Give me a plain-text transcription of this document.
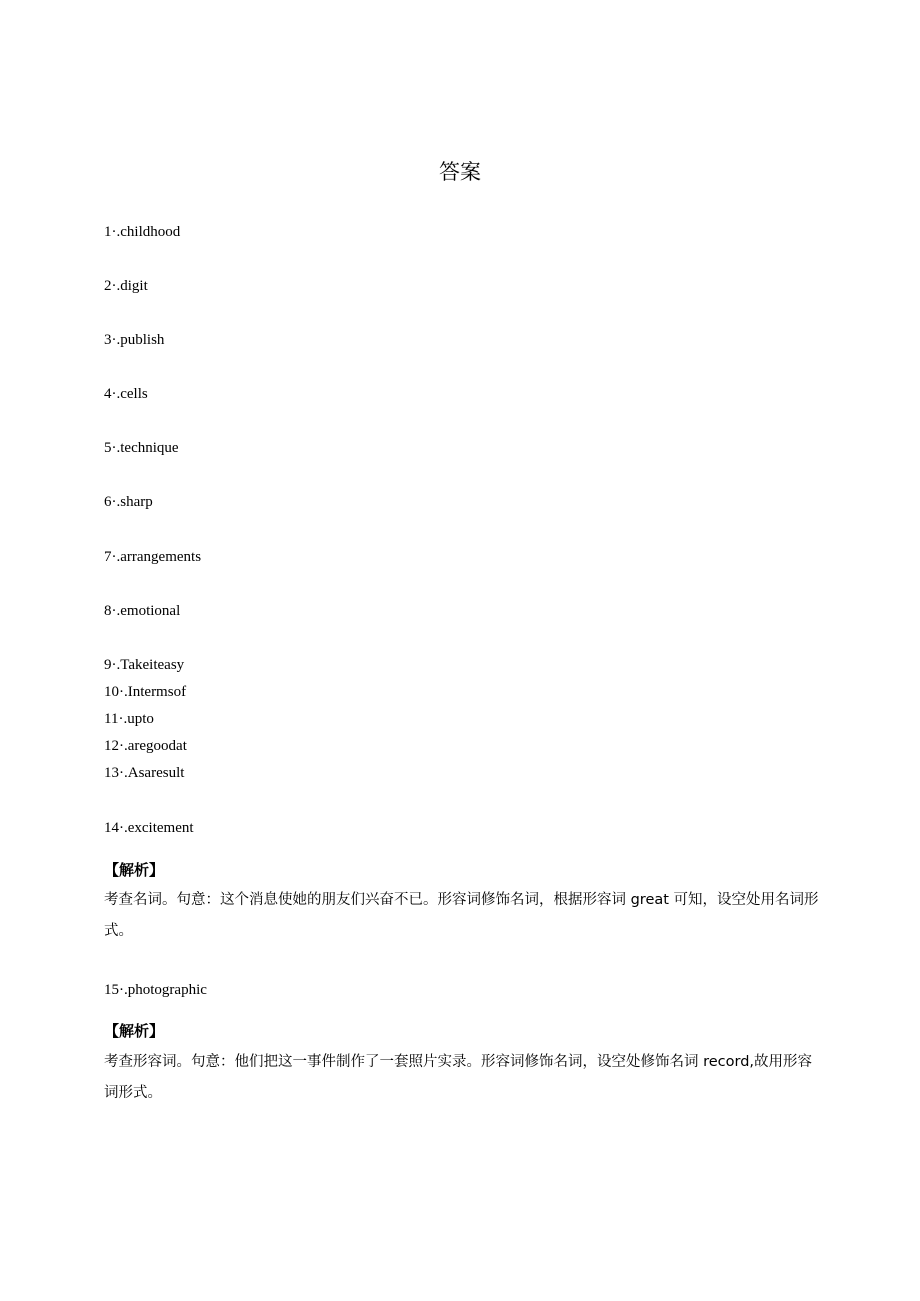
答案
1·.childhood
2·.digit
3·.publish
4·.cells
5·.technique
6·.sharp
7·.arrangements
8·.emotional
9·.Takeiteasy
10·.Intermsof
11·.upto
12·.aregoodat
13·.Asaresult
14·.excitement
【解析】
考查名词。句意：这个消息使她的朋友们兴奋不已。形容词修饰名词，根据形容词 great 可知，设空处用名词形式。
15·.photographic
【解析】
考查形容词。句意：他们把这一事件制作了一套照片实录。形容词修饰名词，设空处修饰名词 record,故用形容词形式。
